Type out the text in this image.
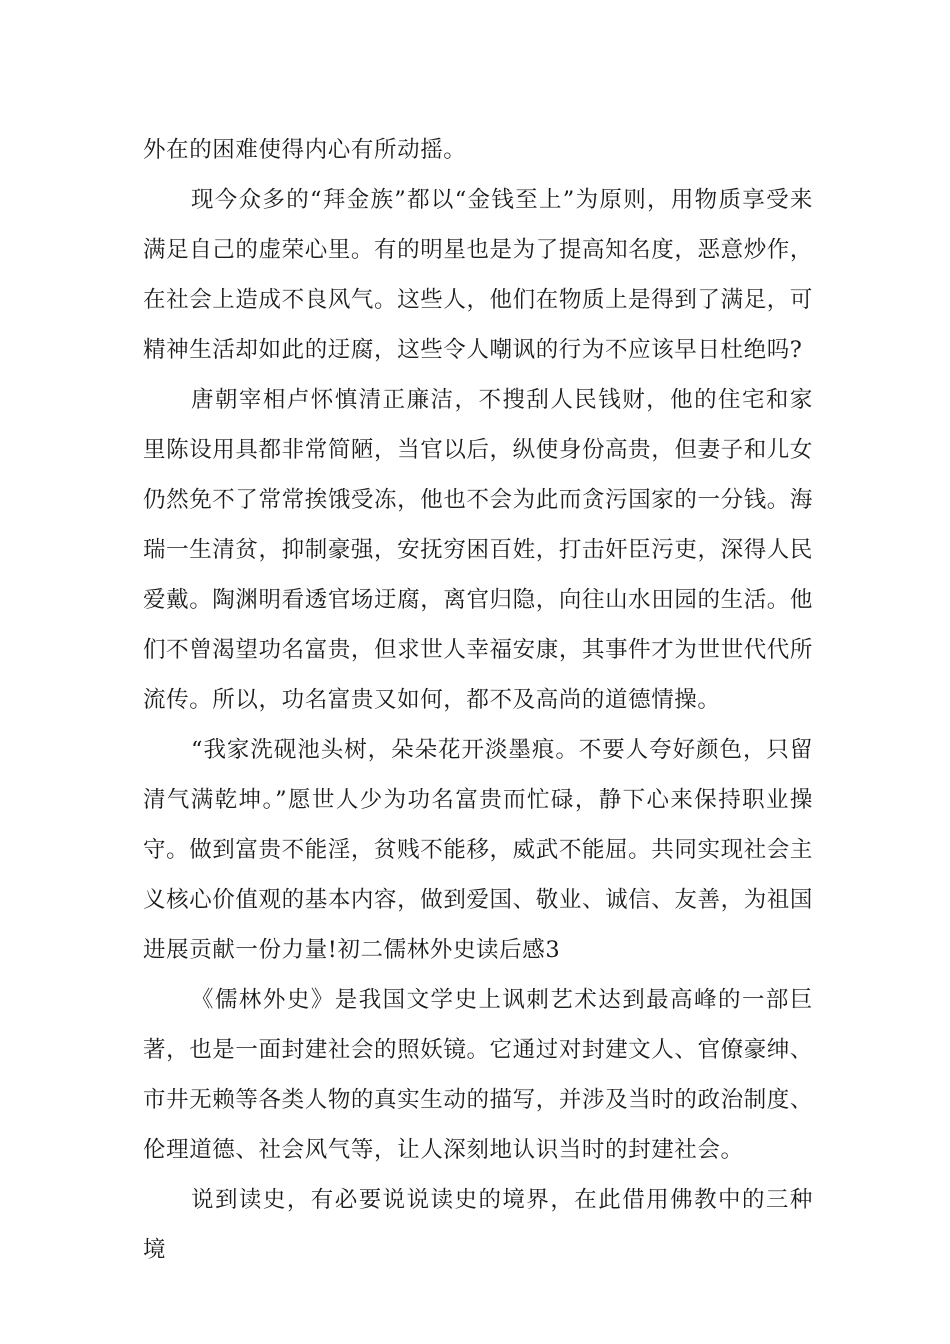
外在的困难使得内心有所动摇。

现今众多的“拜金族”都以“金钱至上”为原则，用物质享受来满足自己的虚荣心里。有的明星也是为了提高知名度，恶意炒作，在社会上造成不良风气。这些人，他们在物质上是得到了满足，可精神生活却如此的迂腐，这些令人嘲讽的行为不应该早日杜绝吗?

唐朝宰相卢怀慎清正廉洁，不搜刮人民钱财，他的住宅和家里陈设用具都非常简陋，当官以后，纵使身份高贵，但妻子和儿女仍然免不了常常挨饿受冻，他也不会为此而贪污国家的一分钱。海瑞一生清贫，抑制豪强，安抚穷困百姓，打击奸臣污吏，深得人民爱戴。陶渊明看透官场迂腐，离官归隐，向往山水田园的生活。他们不曾渴望功名富贵，但求世人幸福安康，其事件才为世世代代所流传。所以，功名富贵又如何，都不及高尚的道德情操。

“我家洗砚池头树，朵朵花开淡墨痕。不要人夸好颜色，只留清气满乾坤。”愿世人少为功名富贵而忙碌，静下心来保持职业操守。做到富贵不能淫，贫贱不能移，威武不能屈。共同实现社会主义核心价值观的基本内容，做到爱国、敬业、诚信、友善，为祖国进展贡献一份力量!初二儒林外史读后感3

《儒林外史》是我国文学史上讽刺艺术达到最高峰的一部巨著，也是一面封建社会的照妖镜。它通过对封建文人、官僚豪绅、市井无赖等各类人物的真实生动的描写，并涉及当时的政治制度、伦理道德、社会风气等，让人深刻地认识当时的封建社会。

说到读史，有必要说说读史的境界，在此借用佛教中的三种境
